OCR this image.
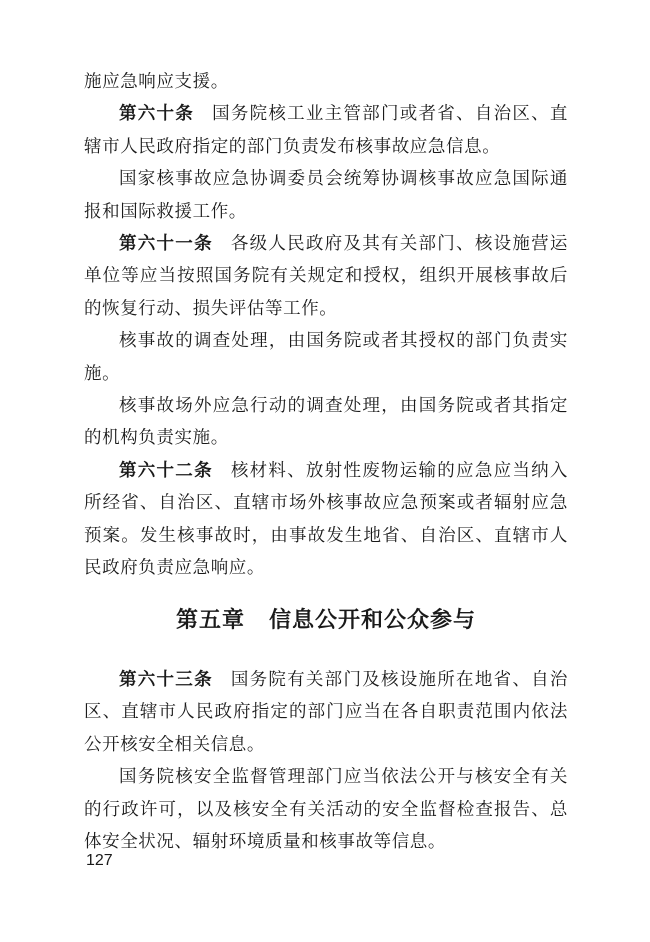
施应急响应支援。

第六十条 国务院核工业主管部门或者省、自治区、直辖市人民政府指定的部门负责发布核事故应急信息。

国家核事故应急协调委员会统筹协调核事故应急国际通报和国际救援工作。

第六十一条 各级人民政府及其有关部门、核设施营运单位等应当按照国务院有关规定和授权，组织开展核事故后的恢复行动、损失评估等工作。

核事故的调查处理，由国务院或者其授权的部门负责实施。

核事故场外应急行动的调查处理，由国务院或者其指定的机构负责实施。

第六十二条 核材料、放射性废物运输的应急应当纳入所经省、自治区、直辖市场外核事故应急预案或者辐射应急预案。发生核事故时，由事故发生地省、自治区、直辖市人民政府负责应急响应。

第五章 信息公开和公众参与

第六十三条 国务院有关部门及核设施所在地省、自治区、直辖市人民政府指定的部门应当在各自职责范围内依法公开核安全相关信息。

国务院核安全监督管理部门应当依法公开与核安全有关的行政许可，以及核安全有关活动的安全监督检查报告、总体安全状况、辐射环境质量和核事故等信息。

127
